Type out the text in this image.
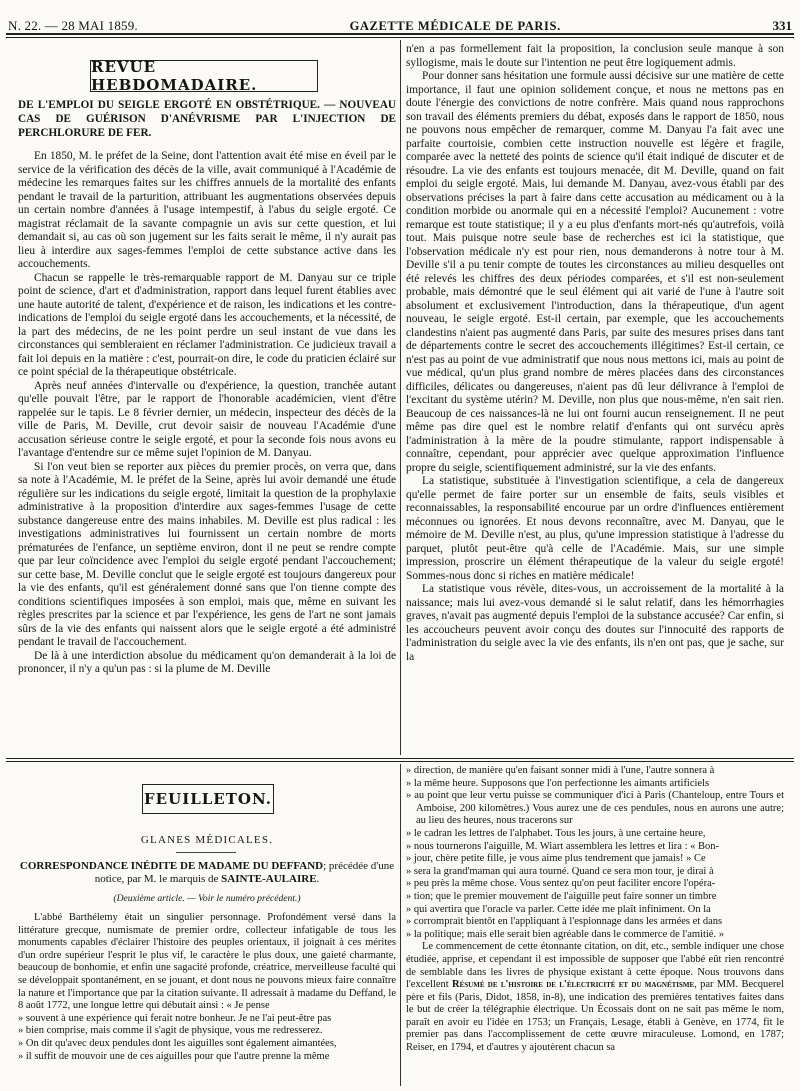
N. 22. — 28 MAI 1859.	GAZETTE MÉDICALE DE PARIS.	331
REVUE HEBDOMADAIRE.
DE L'EMPLOI DU SEIGLE ERGOTÉ EN OBSTÉTRIQUE. — NOUVEAU CAS DE GUÉRISON D'ANÉVRISME PAR L'INJECTION DE PERCHLORURE DE FER.

En 1850, M. le préfet de la Seine, dont l'attention avait été mise en éveil par le service de la vérification des décès de la ville, avait communiqué à l'Académie de médecine les remarques faites sur les chiffres annuels de la mortalité des enfants pendant le travail de la parturition, attribuant les augmentations observées depuis un certain nombre d'années à l'usage intempestif, à l'abus du seigle ergoté. Ce magistrat réclamait de la savante compagnie un avis sur cette question, et lui demandait si, au cas où son jugement sur les faits serait le même, il n'y aurait pas lieu à interdire aux sages-femmes l'emploi de cette substance active dans les accouchements.

Chacun se rappelle le très-remarquable rapport de M. Danyau sur ce triple point de science, d'art et d'administration, rapport dans lequel furent établies avec une haute autorité de talent, d'expérience et de raison, les indications et les contre-indications de l'emploi du seigle ergoté dans les accouchements, et la nécessité, de la part des médecins, de ne les point perdre un seul instant de vue dans les circonstances qui sembleraient en réclamer l'administration. Ce judicieux travail a fait loi depuis en la matière : c'est, pourrait-on dire, le code du praticien éclairé sur ce point spécial de la thérapeutique obstétricale.

Après neuf années d'intervalle ou d'expérience, la question, tranchée autant qu'elle pouvait l'être, par le rapport de l'honorable académicien, vient d'être rappelée sur le tapis. Le 8 février dernier, un médecin, inspecteur des décès de la ville de Paris, M. Deville, crut devoir saisir de nouveau l'Académie d'une accusation sérieuse contre le seigle ergoté, et pour la seconde fois nous avons eu l'avantage d'entendre sur ce même sujet l'opinion de M. Danyau.

Si l'on veut bien se reporter aux pièces du premier procès, on verra que, dans sa note à l'Académie, M. le préfet de la Seine, après lui avoir demandé une étude régulière sur les indications du seigle ergoté, limitait la question de la prophylaxie administrative à la proposition d'interdire aux sages-femmes l'usage de cette substance dangereuse entre des mains inhabiles. M. Deville est plus radical : les investigations administratives lui fournissent un certain nombre de morts prématurées de l'enfance, un septième environ, dont il ne peut se rendre compte que par leur coïncidence avec l'emploi du seigle ergoté pendant l'accouchement; sur cette base, M. Deville conclut que le seigle ergoté est toujours dangereux pour la vie des enfants, qu'il est généralement donné sans que l'on tienne compte des conditions scientifiques imposées à son emploi, mais que, même en suivant les règles prescrites par la science et par l'expérience, les gens de l'art ne sont jamais sûrs de la vie des enfants qui naissent alors que le seigle ergoté a été administré pendant le travail de l'accouchement.

De là à une interdiction absolue du médicament qu'on demanderait à la loi de prononcer, il n'y a qu'un pas : si la plume de M. Deville

n'en a pas formellement fait la proposition, la conclusion seule manque à son syllogisme, mais le doute sur l'intention ne peut être logiquement admis.

Pour donner sans hésitation une formule aussi décisive sur une matière de cette importance, il faut une opinion solidement conçue, et nous ne mettons pas en doute l'énergie des convictions de notre confrère. Mais quand nous rapprochons son travail des éléments premiers du débat, exposés dans le rapport de 1850, nous ne pouvons nous empêcher de remarquer, comme M. Danyau l'a fait avec une parfaite courtoisie, combien cette instruction nouvelle est légère et fragile, comparée avec la netteté des points de science qu'il était indiqué de discuter et de résoudre. La vie des enfants est toujours menacée, dit M. Deville, quand on fait emploi du seigle ergoté. Mais, lui demande M. Danyau, avez-vous établi par des observations précises la part à faire dans cette accusation au médicament ou à la condition morbide ou anormale qui en a nécessité l'emploi? Aucunement : votre remarque est toute statistique; il y a eu plus d'enfants mort-nés qu'autrefois, voilà tout. Mais puisque notre seule base de recherches est ici la statistique, que l'observation médicale n'y est pour rien, nous demanderons à notre tour à M. Deville s'il a pu tenir compte de toutes les circonstances au milieu desquelles ont été relevés les chiffres des deux périodes comparées, et s'il est non-seulement probable, mais démontré que le seul élément qui ait varié de l'une à l'autre soit absolument et exclusivement l'introduction, dans la thérapeutique, d'un agent nouveau, le seigle ergoté. Est-il certain, par exemple, que les accouchements clandestins n'aient pas augmenté dans Paris, par suite des mesures prises dans tant de départements contre le secret des accouchements illégitimes? Est-il certain, ce n'est pas au point de vue administratif que nous nous mettons ici, mais au point de vue médical, qu'un plus grand nombre de mères placées dans des circonstances difficiles, délicates ou dangereuses, n'aient pas dû leur délivrance à l'emploi de l'excitant du système utérin? M. Deville, non plus que nous-même, n'en sait rien. Beaucoup de ces naissances-là ne lui ont fourni aucun renseignement. Il ne peut même pas dire quel est le nombre relatif d'enfants qui ont survécu après l'administration à la mère de la poudre stimulante, rapport indispensable à connaître, cependant, pour apprécier avec quelque approximation l'influence propre du seigle, scientifiquement administré, sur la vie des enfants.

La statistique, substituée à l'investigation scientifique, a cela de dangereux qu'elle permet de faire porter sur un ensemble de faits, seuls visibles et reconnaissables, la responsabilité encourue par un ordre d'influences entièrement méconnues ou ignorées. Et nous devons reconnaître, avec M. Danyau, que le mémoire de M. Deville n'est, au plus, qu'une impression statistique à l'adresse du parquet, plutôt peut-être qu'à celle de l'Académie. Mais, sur une simple impression, proscrire un élément thérapeutique de la valeur du seigle ergoté! Sommes-nous donc si riches en matière médicale!

La statistique vous révèle, dites-vous, un accroissement de la mortalité à la naissance; mais lui avez-vous demandé si le salut relatif, dans les hémorrhagies graves, n'avait pas augmenté depuis l'emploi de la substance accusée? Car enfin, si les accoucheurs peuvent avoir conçu des doutes sur l'innocuité des rapports de l'administration du seigle avec la vie des enfants, ils n'en ont pas, que je sache, sur la

FEUILLETON.
GLANES MÉDICALES.
CORRESPONDANCE INÉDITE DE MADAME DU DEFFAND; précédée d'une notice, par M. le marquis de SAINTE-AULAIRE.
(Deuxième article. — Voir le numéro précédent.)

L'abbé Barthélemy était un singulier personnage. Profondément versé dans la littérature grecque, numismate de premier ordre, collecteur infatigable de tous les monuments capables d'éclairer l'histoire des peuples orientaux, il joignait à ces mérites d'un ordre supérieur l'esprit le plus vif, le caractère le plus doux, une gaieté charmante, beaucoup de bonhomie, et enfin une sagacité profonde, créatrice, merveilleuse faculté qui se développait spontanément, en se jouant, et dont nous ne pouvons mieux faire connaître la nature et l'importance que par la citation suivante. Il adressait à madame du Deffand, le 8 août 1772, une longue lettre qui débutait ainsi : « Je pense

» souvent à une expérience qui ferait notre bonheur. Je ne l'ai peut-être pas
» bien comprise, mais comme il s'agit de physique, vous me redresserez.
» On dit qu'avec deux pendules dont les aiguilles sont également aimantées,
» il suffit de mouvoir une de ces aiguilles pour que l'autre prenne la même
» direction, de manière qu'en faisant sonner midi à l'une, l'autre sonnera à
» la même heure. Supposons que l'on perfectionne les aimants artificiels
» au point que leur vertu puisse se communiquer d'ici à Paris (Chanteloup, entre Tours et Amboise, 200 kilomètres.) Vous aurez une de ces pendules, nous en aurons une autre; au lieu des heures, nous tracerons sur
» le cadran les lettres de l'alphabet. Tous les jours, à une certaine heure,
» nous tournerons l'aiguille, M. Wiart assemblera les lettres et lira : « Bon-
» jour, chère petite fille, je vous aime plus tendrement que jamais! » Ce
» sera la grand'maman qui aura tourné. Quand ce sera mon tour, je dirai à
» peu près la même chose. Vous sentez qu'on peut faciliter encore l'opéra-
» tion; que le premier mouvement de l'aiguille peut faire sonner un timbre
» qui avertira que l'oracle va parler. Cette idée me plaît infiniment. On la
» corromprait bientôt en l'appliquant à l'espionnage dans les armées et dans
» la politique; mais elle serait bien agréable dans le commerce de l'amitié. »

Le commencement de cette étonnante citation, on dit, etc., semble indiquer une chose étudiée, apprise, et cependant il est impossible de supposer que l'abbé eût rien rencontré de semblable dans les livres de physique existant à cette époque. Nous trouvons dans l'excellent Résumé de l'histoire de l'électricité et du magnétisme, par MM. Becquerel père et fils (Paris, Didot, 1858, in-8), une indication des premières tentatives faites dans le but de créer la télégraphie électrique. Un Écossais dont on ne sait pas même le nom, paraît en avoir eu l'idée en 1753; un Français, Lesage, établi à Genève, en 1774, fit le premier pas dans l'accomplissement de cette œuvre miraculeuse. Lomond, en 1787; Reiser, en 1794, et d'autres y ajoutèrent chacun sa
